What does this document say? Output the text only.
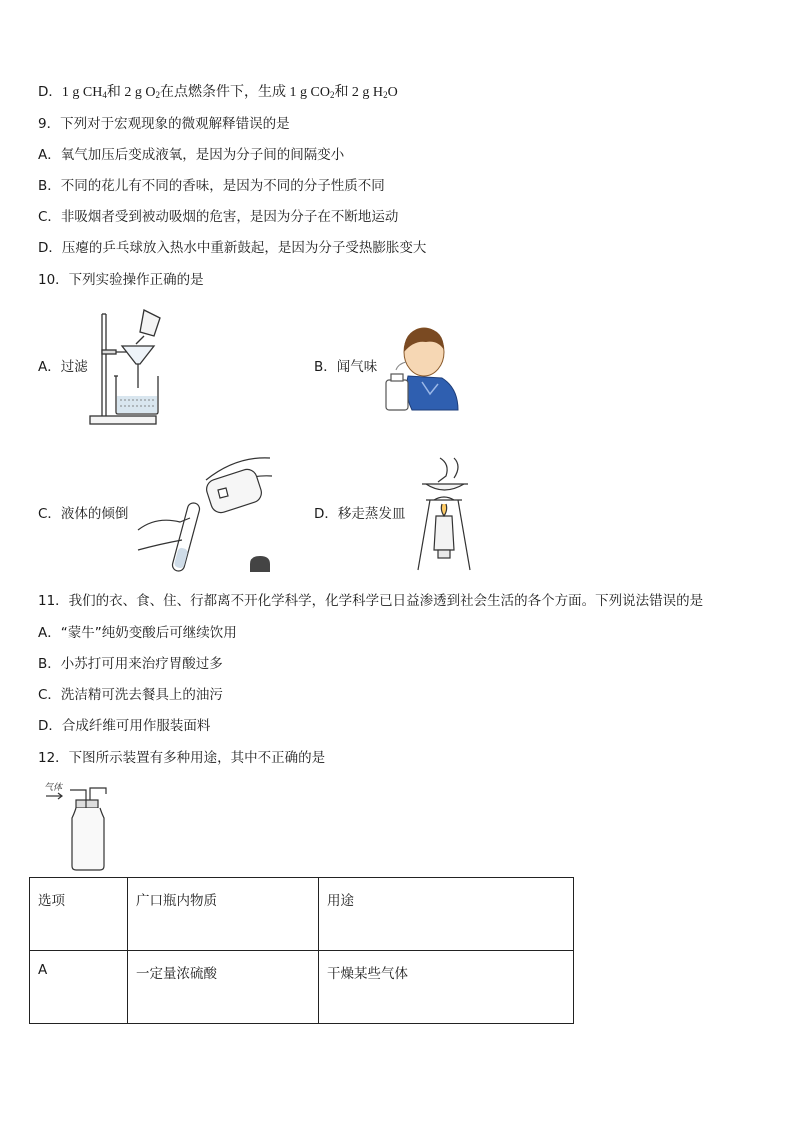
D．1 g $CH_4$和 2 g $O_2$在点燃条件下，生成 1 g $CO_2$和 2 g $H_2O$
9．下列对于宏观现象的微观解释错误的是
A．氧气加压后变成液氧，是因为分子间的间隔变小
B．不同的花儿有不同的香味，是因为不同的分子性质不同
C．非吸烟者受到被动吸烟的危害，是因为分子在不断地运动
D．压瘪的乒乓球放入热水中重新鼓起，是因为分子受热膨胀变大
10．下列实验操作正确的是
A．过滤	B．闻气味
C．液体的倾倒	D．移走蒸发皿
11．我们的衣、食、住、行都离不开化学科学，化学科学已日益渗透到社会生活的各个方面。下列说法错误的是
A．“蒙牛”纯奶变酸后可继续饮用
B．小苏打可用来治疗胃酸过多
C．洗洁精可洗去餐具上的油污
D．合成纤维可用作服装面料
12．下图所示装置有多种用途，其中不正确的是
气体
选项	广口瓶内物质	用途
A	一定量浓硫酸	干燥某些气体
